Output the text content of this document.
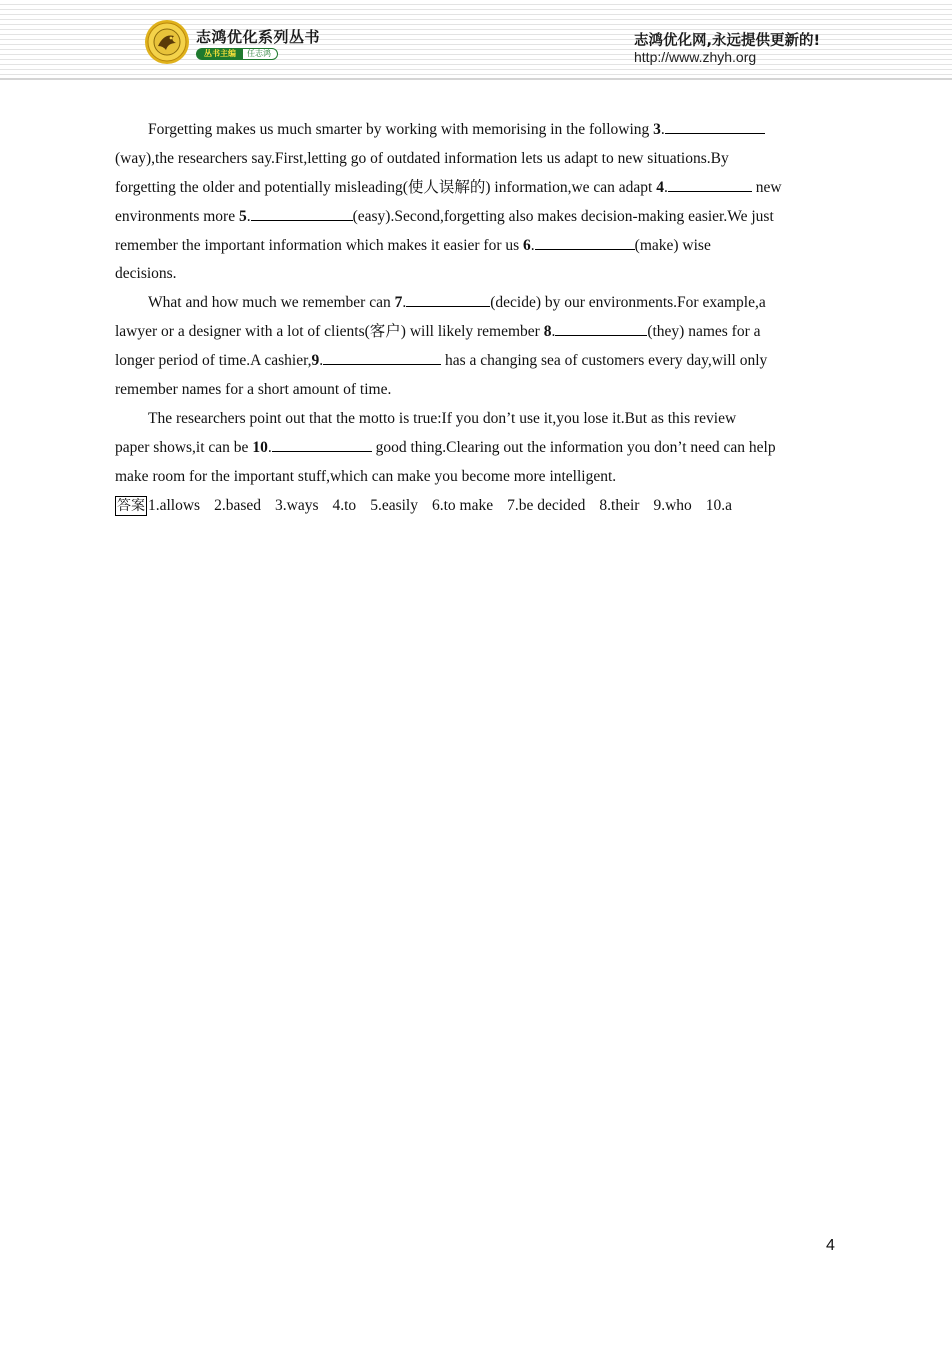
志鸿优化系列丛书
丛书主编	任志鸿
志鸿优化网,永远提供更新的!
http://www.zhyh.org
Forgetting makes us much smarter by working with memorising in the following 3.
(way),the researchers say.First,letting go of outdated information lets us adapt to new situations.By
forgetting the older and potentially misleading(使人误解的) information,we can adapt 4.	new
environments more 5.	(easy).Second,forgetting also makes decision-making easier.We just
remember the important information which makes it easier for us 6.	(make) wise
decisions.
What and how much we remember can 7.	(decide) by our environments.For example,a
lawyer or a designer with a lot of clients(客户) will likely remember 8.	(they) names for a
longer period of time.A cashier,9.	has a changing sea of customers every day,will only
remember names for a short amount of time.
The researchers point out that the motto is true:If you don’t use it,you lose it.But as this review
paper shows,it can be 10.	good thing.Clearing out the information you don’t need can help
make room for the important stuff,which can make you become more intelligent.
答案 1.allows 2.based 3.ways 4.to 5.easily 6.to make 7.be decided 8.their 9.who 10.a
4
